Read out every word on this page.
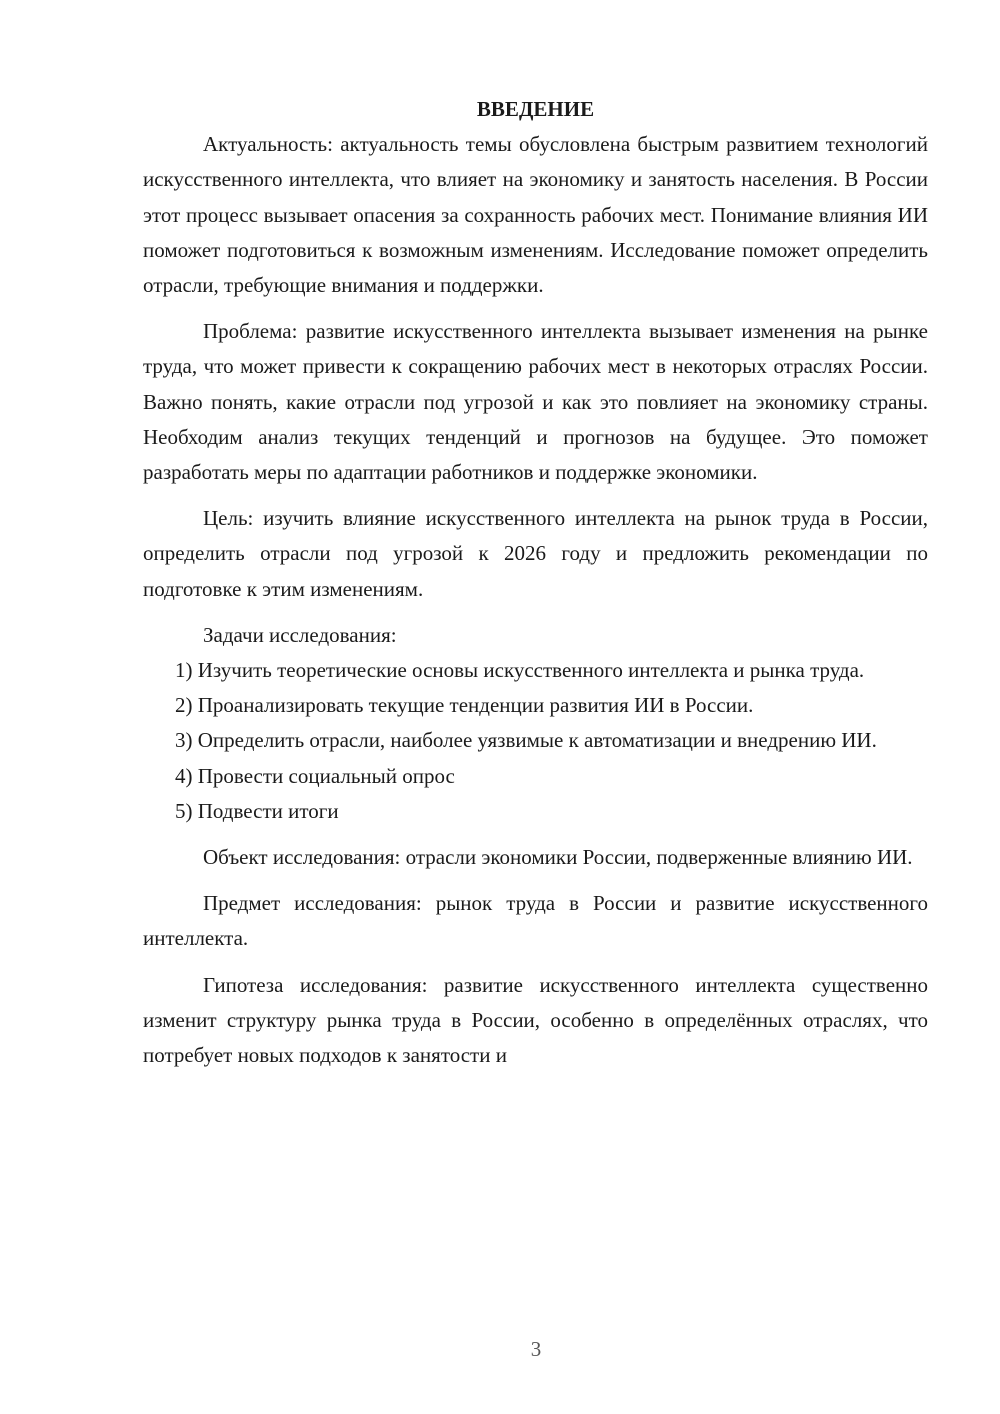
ВВЕДЕНИЕ

Актуальность: актуальность темы обусловлена быстрым развитием технологий искусственного интеллекта, что влияет на экономику и занятость населения. В России этот процесс вызывает опасения за сохранность рабочих мест. Понимание влияния ИИ поможет подготовиться к возможным изменениям. Исследование поможет определить отрасли, требующие внимания и поддержки.

Проблема: развитие искусственного интеллекта вызывает изменения на рынке труда, что может привести к сокращению рабочих мест в некоторых отраслях России. Важно понять, какие отрасли под угрозой и как это повлияет на экономику страны. Необходим анализ текущих тенденций и прогнозов на будущее. Это поможет разработать меры по адаптации работников и поддержке экономики.

Цель: изучить влияние искусственного интеллекта на рынок труда в России, определить отрасли под угрозой к 2026 году и предложить рекомендации по подготовке к этим изменениям.

Задачи исследования:

1) Изучить теоретические основы искусственного интеллекта и рынка труда.

2) Проанализировать текущие тенденции развития ИИ в России.

3) Определить отрасли, наиболее уязвимые к автоматизации и внедрению ИИ.

4) Провести социальный опрос

5) Подвести итоги

Объект исследования: отрасли экономики России, подверженные влиянию ИИ.

Предмет исследования: рынок труда в России и развитие искусственного интеллекта.

Гипотеза исследования: развитие искусственного интеллекта существенно изменит структуру рынка труда в России, особенно в определённых отраслях, что потребует новых подходов к занятости и

3
